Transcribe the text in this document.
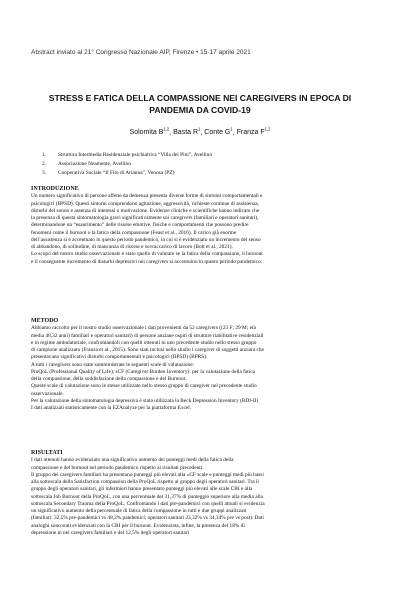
Abstract inviato al 21° Congresso Nazionale AIP, Firenze • 15-17 aprile 2021
STRESS E FATICA DELLA COMPASSIONE NEI CAREGIVERS IN EPOCA DI
PANDEMIA DA COVID-19
Solomita B$^{1,2}$, Basta $R^1$, Conte $G^1$, Franza F$^{1,2}$
1.	Struttura Intermedia Residenziale psichiatrica “Villa dei Pini”, Avellino
2.	Associazione Neamente, Avellino
3.	Cooperativa Sociale “Il Filo di Arianna”, Venosa (PZ)
INTRODUZIONE
Un numero significativo di persone affette da demenza presenta diverse forme di sintomi comportamentali e
psicologici (BPSD). Questi sintomi comprendono agitazione, aggressività, richieste continue di assistenza,
disturbi del sonno e assenza di interessi o motivazione. Evidenze cliniche e scientifiche hanno indicato che
la presenza di questa sintomatologia gravi significativamente sui caregivers (familiari e operatori sanitari),
determinandone un “esaurimento” delle risorse emotive, fisiche e comportamenti che possono predire
fenomeni come il burnout o la fatica della compassione (Feast et al., 2016). Il carico già enorme
dell’assistenza si è accentuato in questo periodo pandemico, in cui si è evidenziato un incremento del senso
di abbandono, di solitudine, di mancanza di risorse e sovraccarico di lavoro (Bolt et al., 2021).
Lo scopo del nostro studio osservazionale è stato quello di valutare se la fatica della compassione, il burnout
e il conseguente incremento di disturbi depressivi nei caregivers si accentuino in questo periodo pandemico.
METODO
Abbiamo raccolto per il nostro studio osservazionale i dati provenienti da 52 caregivers ((23 F; 29 M; età
media 48,32 anni) familiari e operatori sanitari) di persone anziane ospiti di strutture riabilitative residenziali
e in regime ambulatoriale, confrontandoli con quelli ottenuti in uno precedente studio nello stesso gruppo
di campione analizzato (Franza et al., 2015). Sono stati inclusi nello studio i caregiver di soggetti anziani che
presentavano significativi disturbi comportamentali e psicologici (BPSD) (BPRS).
A tutti i caregivers sono state somministrate le seguenti scale di valutazione:
ProQoL (Professional Quality of Life); sCF (Caregiver Burden Inventory): per la valutazione della fatica
della compassione, della soddisfazione della compassione e del Burnout.
Queste scale di valutazione sono le stesse utilizzate nello stesso gruppo di caregiver nel precedente studio
osservazionale.
Per la valutazione della sintomatologia depressiva è stata utilizzata la Beck Depression Inventory (BDI-II)
I dati analizzati statisticamente con la EZAnalyze per la piattaforma Excel.
RISULTATI
I dati ottenuti hanno evidenziato una significativo aumento dei punteggi medi della fatica della
compassione e del burnout nel periodo pandemico rispetto ai risultati precedenti.
Il gruppo dei caregivers familiari ha presentano punteggi più elevati alla «CF scale e punteggi medi più bassi
alla sottoscala della Satisfaction compassion della ProQoL rispetto al gruppo degli operatori sanitari. Tra il
gruppo degli operatori sanitari, gli infermieri hanno presentato punteggi più elevati alle scale CBI e alla
sottoscala Job Burnout della ProQoL, con una percentuale del 31,37% di punteggio superiore alla media alla
sottoscala Secondary Trauma della ProQoL. Confrontando i dati pre-pandemici con quelli attuali si evidenzia
un significativo aumento della percentuale di fatica della compassione in tutti e due gruppi analizzati
(familiari: 32,5% pre-pandemici vs 48,2% pandemici; operatori sanitari 23,32% vs 34,34% pre vs post). Dati
analoghi sono stati evidenziati con la CBI per il burnout. Evidenziata, infine, la presenza del 18% di
depressione in nei caregivers familiari e del 12,5% degli operatori sanitari
